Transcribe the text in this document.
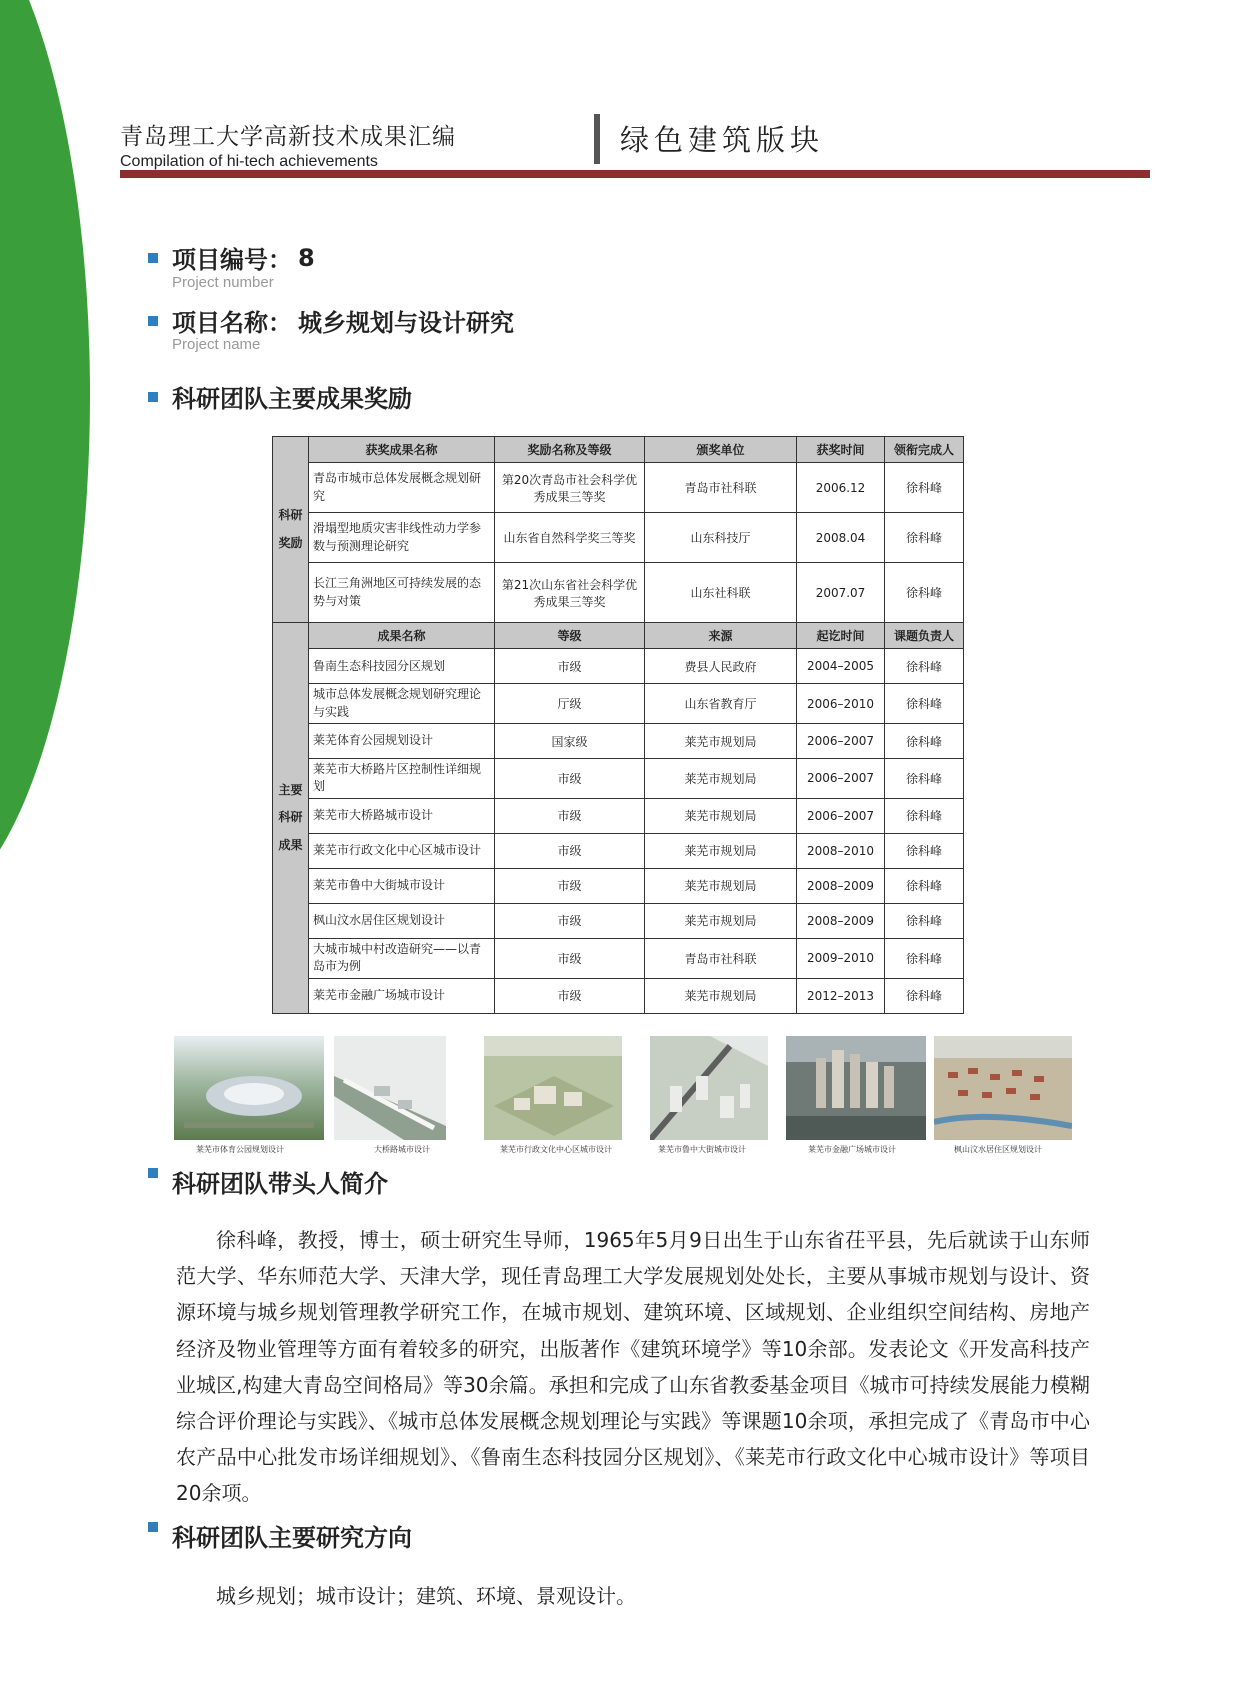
青岛理工大学高新技术成果汇编
Compilation of hi-tech achievements
绿色建筑版块
项目编号： 8
Project number
项目名称： 城乡规划与设计研究
Project name
科研团队主要成果奖励
科研奖励	获奖成果名称	奖励名称及等级	颁奖单位	获奖时间	领衔完成人
	青岛市城市总体发展概念规划研究	第20次青岛市社会科学优秀成果三等奖	青岛市社科联	2006.12	徐科峰
	滑塌型地质灾害非线性动力学参数与预测理论研究	山东省自然科学奖三等奖	山东科技厅	2008.04	徐科峰
	长江三角洲地区可持续发展的态势与对策	第21次山东省社会科学优秀成果三等奖	山东社科联	2007.07	徐科峰
主要科研成果	成果名称	等级	来源	起讫时间	课题负责人
	鲁南生态科技园分区规划	市级	费县人民政府	2004–2005	徐科峰
	城市总体发展概念规划研究理论与实践	厅级	山东省教育厅	2006–2010	徐科峰
	莱芜体育公园规划设计	国家级	莱芜市规划局	2006–2007	徐科峰
	莱芜市大桥路片区控制性详细规划	市级	莱芜市规划局	2006–2007	徐科峰
	莱芜市大桥路城市设计	市级	莱芜市规划局	2006–2007	徐科峰
	莱芜市行政文化中心区城市设计	市级	莱芜市规划局	2008–2010	徐科峰
	莱芜市鲁中大街城市设计	市级	莱芜市规划局	2008–2009	徐科峰
	枫山汶水居住区规划设计	市级	莱芜市规划局	2008–2009	徐科峰
	大城市城中村改造研究——以青岛市为例	市级	青岛市社科联	2009–2010	徐科峰
	莱芜市金融广场城市设计	市级	莱芜市规划局	2012–2013	徐科峰
莱芜市体育公园规划设计	大桥路城市设计	莱芜市行政文化中心区城市设计	莱芜市鲁中大街城市设计	莱芜市金融广场城市设计	枫山汶水居住区规划设计
科研团队带头人简介
徐科峰，教授，博士，硕士研究生导师，1965年5月9日出生于山东省茌平县，先后就读于山东师范大学、华东师范大学、天津大学，现任青岛理工大学发展规划处处长，主要从事城市规划与设计、资源环境与城乡规划管理教学研究工作，在城市规划、建筑环境、区域规划、企业组织空间结构、房地产经济及物业管理等方面有着较多的研究，出版著作《建筑环境学》等10余部。发表论文《开发高科技产业城区,构建大青岛空间格局》等30余篇。承担和完成了山东省教委基金项目《城市可持续发展能力模糊综合评价理论与实践》、《城市总体发展概念规划理论与实践》等课题10余项，承担完成了《青岛市中心农产品中心批发市场详细规划》、《鲁南生态科技园分区规划》、《莱芜市行政文化中心城市设计》等项目20余项。
科研团队主要研究方向
城乡规划；城市设计；建筑、环境、景观设计。
